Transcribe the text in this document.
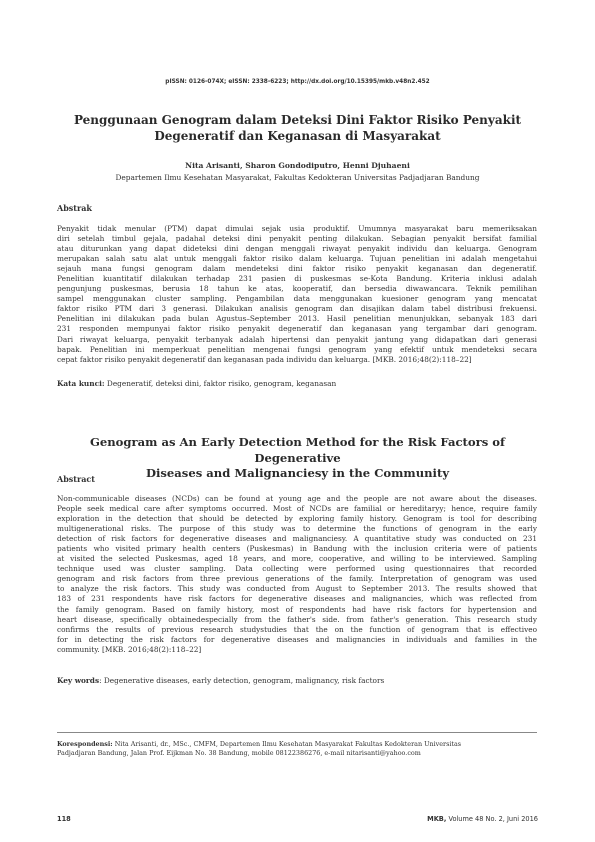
pISSN: 0126-074X; eISSN: 2338-6223; http://dx.doi.org/10.15395/mkb.v48n2.452
Penggunaan Genogram dalam Deteksi Dini Faktor Risiko Penyakit
Degeneratif dan Keganasan di Masyarakat
Nita Arisanti, Sharon Gondodiputro, Henni Djuhaeni
Departemen Ilmu Kesehatan Masyarakat, Fakultas Kedokteran Universitas Padjadjaran Bandung
Abstrak
Penyakit tidak menular (PTM) dapat dimulai sejak usia produktif. Umumnya masyarakat baru memeriksakan
diri setelah timbul gejala, padahal deteksi dini penyakit penting dilakukan. Sebagian penyakit bersifat familial
atau diturunkan yang dapat dideteksi dini dengan menggali riwayat penyakit individu dan keluarga. Genogram
merupakan salah satu alat untuk menggali faktor risiko dalam keluarga. Tujuan penelitian ini adalah mengetahui
sejauh mana fungsi genogram dalam mendeteksi dini faktor risiko penyakit keganasan dan degeneratif.
Penelitian kuantitatif dilakukan terhadap 231 pasien di puskesmas se-Kota Bandung. Kriteria inklusi adalah
pengunjung puskesmas, berusia 18 tahun ke atas, kooperatif, dan bersedia diwawancara. Teknik pemilihan
sampel menggunakan cluster sampling. Pengambilan data menggunakan kuesioner genogram yang mencatat
faktor risiko PTM dari 3 generasi. Dilakukan analisis genogram dan disajikan dalam tabel distribusi frekuensi.
Penelitian ini dilakukan pada bulan Agustus–September 2013. Hasil penelitian menunjukkan, sebanyak 183 dari
231 responden mempunyai faktor risiko penyakit degeneratif dan keganasan yang tergambar dari genogram.
Dari riwayat keluarga, penyakit terbanyak adalah hipertensi dan penyakit jantung yang didapatkan dari generasi
bapak. Penelitian ini memperkuat penelitian mengenai fungsi genogram yang efektif untuk mendeteksi secara
cepat faktor risiko penyakit degeneratif dan keganasan pada individu dan keluarga. [MKB. 2016;48(2):118–22]
Kata kunci: Degeneratif, deteksi dini, faktor risiko, genogram, keganasan
Genogram as An Early Detection Method for the Risk Factors of Degenerative
Diseases and Malignanciesy in the Community
Abstract
Non-communicable diseases (NCDs) can be found at young age and the people are not aware about the diseases.
People seek medical care after symptoms occurred. Most of NCDs are familial or hereditaryy; hence, require family
exploration in the detection that should be detected by exploring family history. Genogram is tool for describing
multigenerational risks. The purpose of this study was to determine the functions of genogram in the early
detection of risk factors for degenerative diseases and malignanciesy. A quantitative study was conducted on 231
patients who visited primary health centers (Puskesmas) in Bandung with the inclusion criteria were of patients
at visited the selected Puskesmas, aged 18 years, and more, cooperative, and willing to be interviewed. Sampling
technique used was cluster sampling. Data collecting were performed using questionnaires that recorded
genogram and risk factors from three previous generations of the family. Interpretation of genogram was used
to analyze the risk factors. This study was conducted from August to September 2013. The results showed that
183 of 231 respondents have risk factors for degenerative diseases and malignancies, which was reflected from
the family genogram. Based on family history, most of respondents had have risk factors for hypertension and
heart disease, specifically obtainedespecially from the father's side. from father's generation. This research study
confirms the results of previous research studystudies that the on the function of genogram that is effectiveo
for in detecting the risk factors for degenerative diseases and malignancies in individuals and families in the
community. [MKB. 2016;48(2):118–22]
Key words: Degenerative diseases, early detection, genogram, malignancy, risk factors
Korespondensi: Nita Arisanti, dr., MSc., CMFM, Departemen Ilmu Kesehatan Masyarakat Fakultas Kedokteran Universitas
Padjadjaran Bandung, Jalan Prof. Eijkman No. 38 Bandung, mobile 08122386276, e-mail nitarisanti@yahoo.com
118	MKB, Volume 48 No. 2, Juni 2016
